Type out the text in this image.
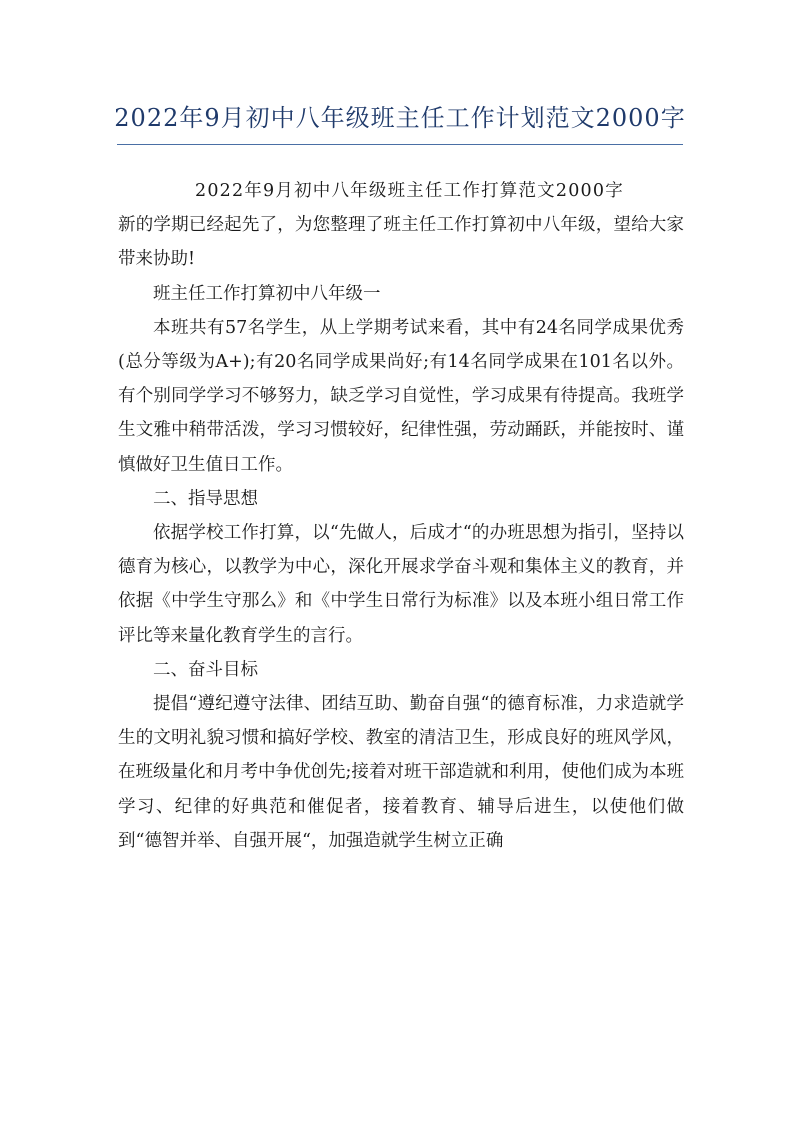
2022年9月初中八年级班主任工作计划范文2000字

2022年9月初中八年级班主任工作打算范文2000字

新的学期已经起先了，为您整理了班主任工作打算初中八年级，望给大家带来协助!

班主任工作打算初中八年级一

本班共有57名学生，从上学期考试来看，其中有24名同学成果优秀(总分等级为A+);有20名同学成果尚好;有14名同学成果在101名以外。有个别同学学习不够努力，缺乏学习自觉性，学习成果有待提高。我班学生文雅中稍带活泼，学习习惯较好，纪律性强，劳动踊跃，并能按时、谨慎做好卫生值日工作。

二、指导思想

依据学校工作打算，以“先做人，后成才“的办班思想为指引，坚持以德育为核心，以教学为中心，深化开展求学奋斗观和集体主义的教育，并依据《中学生守那么》和《中学生日常行为标准》以及本班小组日常工作评比等来量化教育学生的言行。

二、奋斗目标

提倡“遵纪遵守法律、团结互助、勤奋自强“的德育标准，力求造就学生的文明礼貌习惯和搞好学校、教室的清洁卫生，形成良好的班风学风，在班级量化和月考中争优创先;接着对班干部造就和利用，使他们成为本班学习、纪律的好典范和催促者，接着教育、辅导后进生，以使他们做到“德智并举、自强开展“，加强造就学生树立正确
